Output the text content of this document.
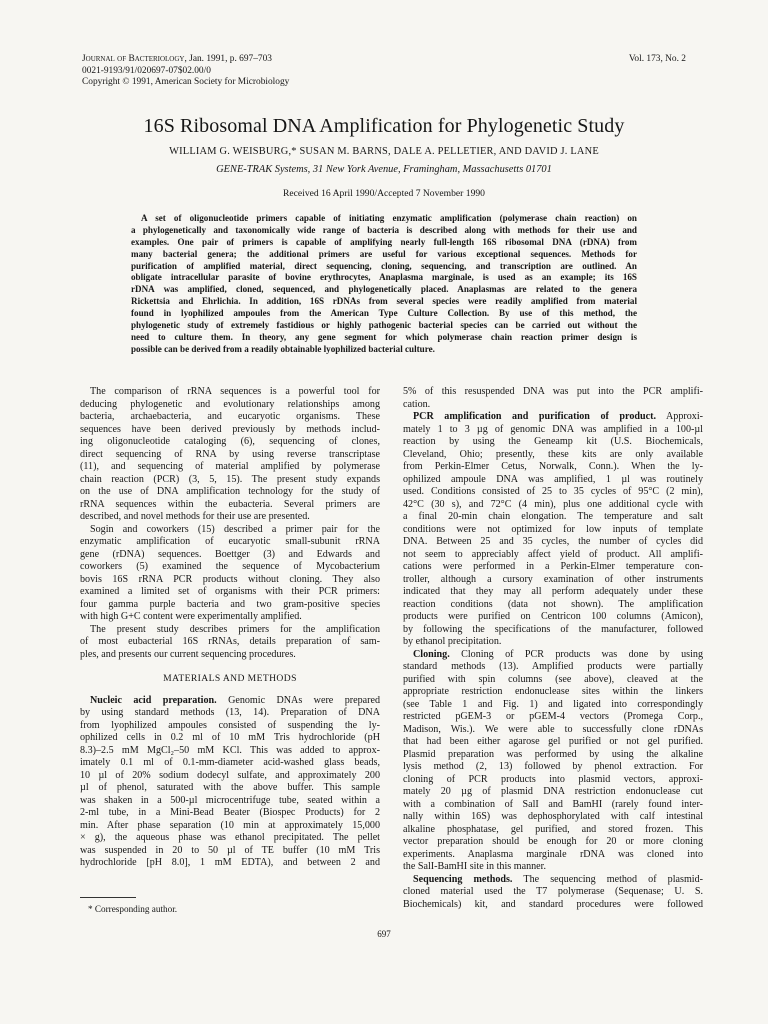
Journal of Bacteriology, Jan. 1991, p. 697–703
0021-9193/91/020697-07$02.00/0
Copyright © 1991, American Society for Microbiology
Vol. 173, No. 2
16S Ribosomal DNA Amplification for Phylogenetic Study
WILLIAM G. WEISBURG,* SUSAN M. BARNS, DALE A. PELLETIER, AND DAVID J. LANE
GENE-TRAK Systems, 31 New York Avenue, Framingham, Massachusetts 01701
Received 16 April 1990/Accepted 7 November 1990
A set of oligonucleotide primers capable of initiating enzymatic amplification (polymerase chain reaction) on
a phylogenetically and taxonomically wide range of bacteria is described along with methods for their use and
examples. One pair of primers is capable of amplifying nearly full-length 16S ribosomal DNA (rDNA) from
many bacterial genera; the additional primers are useful for various exceptional sequences. Methods for
purification of amplified material, direct sequencing, cloning, sequencing, and transcription are outlined. An
obligate intracellular parasite of bovine erythrocytes, Anaplasma marginale, is used as an example; its 16S
rDNA was amplified, cloned, sequenced, and phylogenetically placed. Anaplasmas are related to the genera
Rickettsia and Ehrlichia. In addition, 16S rDNAs from several species were readily amplified from material
found in lyophilized ampoules from the American Type Culture Collection. By use of this method, the
phylogenetic study of extremely fastidious or highly pathogenic bacterial species can be carried out without the
need to culture them. In theory, any gene segment for which polymerase chain reaction primer design is
possible can be derived from a readily obtainable lyophilized bacterial culture.
The comparison of rRNA sequences is a powerful tool for
deducing phylogenetic and evolutionary relationships among
bacteria, archaebacteria, and eucaryotic organisms. These
sequences have been derived previously by methods includ-
ing oligonucleotide cataloging (6), sequencing of clones,
direct sequencing of RNA by using reverse transcriptase
(11), and sequencing of material amplified by polymerase
chain reaction (PCR) (3, 5, 15). The present study expands
on the use of DNA amplification technology for the study of
rRNA sequences within the eubacteria. Several primers are
described, and novel methods for their use are presented.
Sogin and coworkers (15) described a primer pair for the
enzymatic amplification of eucaryotic small-subunit rRNA
gene (rDNA) sequences. Boettger (3) and Edwards and
coworkers (5) examined the sequence of Mycobacterium
bovis 16S rRNA PCR products without cloning. They also
examined a limited set of organisms with their PCR primers:
four gamma purple bacteria and two gram-positive species
with high G+C content were experimentally amplified.
The present study describes primers for the amplification
of most eubacterial 16S rRNAs, details preparation of sam-
ples, and presents our current sequencing procedures.
MATERIALS AND METHODS
Nucleic acid preparation. Genomic DNAs were prepared
by using standard methods (13, 14). Preparation of DNA
from lyophilized ampoules consisted of suspending the ly-
ophilized cells in 0.2 ml of 10 mM Tris hydrochloride (pH
8.3)–2.5 mM MgCl₂–50 mM KCl. This was added to approx-
imately 0.1 ml of 0.1-mm-diameter acid-washed glass beads,
10 µl of 20% sodium dodecyl sulfate, and approximately 200
µl of phenol, saturated with the above buffer. This sample
was shaken in a 500-µl microcentrifuge tube, seated within a
2-ml tube, in a Mini-Bead Beater (Biospec Products) for 2
min. After phase separation (10 min at approximately 15,000
× g), the aqueous phase was ethanol precipitated. The pellet
was suspended in 20 to 50 µl of TE buffer (10 mM Tris
hydrochloride [pH 8.0], 1 mM EDTA), and between 2 and
5% of this resuspended DNA was put into the PCR amplifi-
cation.
PCR amplification and purification of product. Approxi-
mately 1 to 3 µg of genomic DNA was amplified in a 100-µl
reaction by using the Geneamp kit (U.S. Biochemicals,
Cleveland, Ohio; presently, these kits are only available
from Perkin-Elmer Cetus, Norwalk, Conn.). When the ly-
ophilized ampoule DNA was amplified, 1 µl was routinely
used. Conditions consisted of 25 to 35 cycles of 95°C (2 min),
42°C (30 s), and 72°C (4 min), plus one additional cycle with
a final 20-min chain elongation. The temperature and salt
conditions were not optimized for low inputs of template
DNA. Between 25 and 35 cycles, the number of cycles did
not seem to appreciably affect yield of product. All amplifi-
cations were performed in a Perkin-Elmer temperature con-
troller, although a cursory examination of other instruments
indicated that they may all perform adequately under these
reaction conditions (data not shown). The amplification
products were purified on Centricon 100 columns (Amicon),
by following the specifications of the manufacturer, followed
by ethanol precipitation.
Cloning. Cloning of PCR products was done by using
standard methods (13). Amplified products were partially
purified with spin columns (see above), cleaved at the
appropriate restriction endonuclease sites within the linkers
(see Table 1 and Fig. 1) and ligated into correspondingly
restricted pGEM-3 or pGEM-4 vectors (Promega Corp.,
Madison, Wis.). We were able to successfully clone rDNAs
that had been either agarose gel purified or not gel purified.
Plasmid preparation was performed by using the alkaline
lysis method (2, 13) followed by phenol extraction. For
cloning of PCR products into plasmid vectors, approxi-
mately 20 µg of plasmid DNA restriction endonuclease cut
with a combination of SalI and BamHI (rarely found inter-
nally within 16S) was dephosphorylated with calf intestinal
alkaline phosphatase, gel purified, and stored frozen. This
vector preparation should be enough for 20 or more cloning
experiments. Anaplasma marginale rDNA was cloned into
the SalI-BamHI site in this manner.
Sequencing methods. The sequencing method of plasmid-
cloned material used the T7 polymerase (Sequenase; U. S.
Biochemicals) kit, and standard procedures were followed
* Corresponding author.
697
